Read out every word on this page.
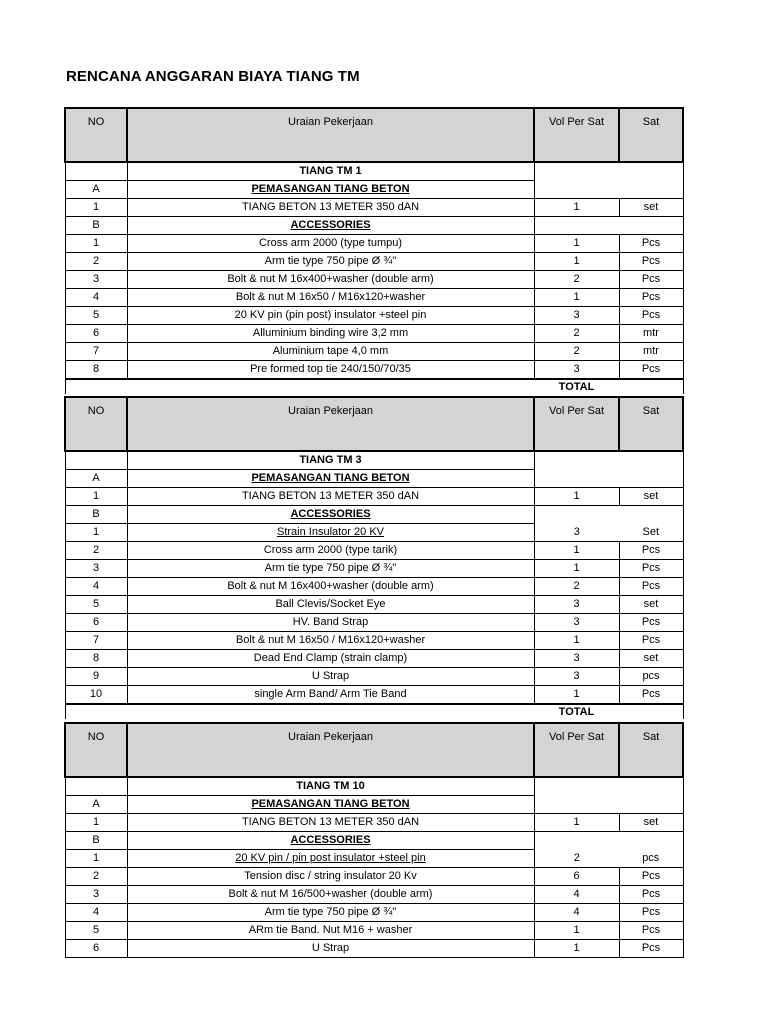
RENCANA ANGGARAN BIAYA TIANG TM
NO	Uraian Pekerjaan	Vol Per Sat	Sat
	TIANG TM 1		
A	PEMASANGAN TIANG BETON		
1	TIANG BETON 13 METER 350 dAN	1	set
B	ACCESSORIES		
1	Cross arm 2000 (type tumpu)	1	Pcs
2	Arm tie type 750 pipe Ø ¾"	1	Pcs
3	Bolt & nut M 16x400+washer (double arm)	2	Pcs
4	Bolt & nut M 16x50 / M16x120+washer	1	Pcs
5	20 KV pin (pin post) insulator +steel pin	3	Pcs
6	Alluminium binding wire 3,2 mm	2	mtr
7	Aluminium tape 4,0 mm	2	mtr
8	Pre formed top tie 240/150/70/35	3	Pcs
		TOTAL	
NO	Uraian Pekerjaan	Vol Per Sat	Sat
	TIANG TM 3		
A	PEMASANGAN TIANG BETON		
1	TIANG BETON 13 METER 350 dAN	1	set
B	ACCESSORIES		
1	Strain Insulator 20 KV	3	Set
2	Cross arm 2000 (type tarik)	1	Pcs
3	Arm tie type 750 pipe Ø ¾"	1	Pcs
4	Bolt & nut M 16x400+washer (double arm)	2	Pcs
5	Ball Clevis/Socket Eye	3	set
6	HV. Band Strap	3	Pcs
7	Bolt & nut M 16x50 / M16x120+washer	1	Pcs
8	Dead End Clamp (strain clamp)	3	set
9	U Strap	3	pcs
10	single Arm Band/ Arm Tie Band	1	Pcs
		TOTAL	
NO	Uraian Pekerjaan	Vol Per Sat	Sat
	TIANG TM 10		
A	PEMASANGAN TIANG BETON		
1	TIANG BETON 13 METER 350 dAN	1	set
B	ACCESSORIES		
1	20 KV pin / pin post insulator +steel pin	2	pcs
2	Tension disc / string insulator 20 Kv	6	Pcs
3	Bolt & nut M 16/500+washer (double arm)	4	Pcs
4	Arm tie type 750 pipe Ø ¾"	4	Pcs
5	ARm tie Band. Nut M16 + washer	1	Pcs
6	U Strap	1	Pcs
